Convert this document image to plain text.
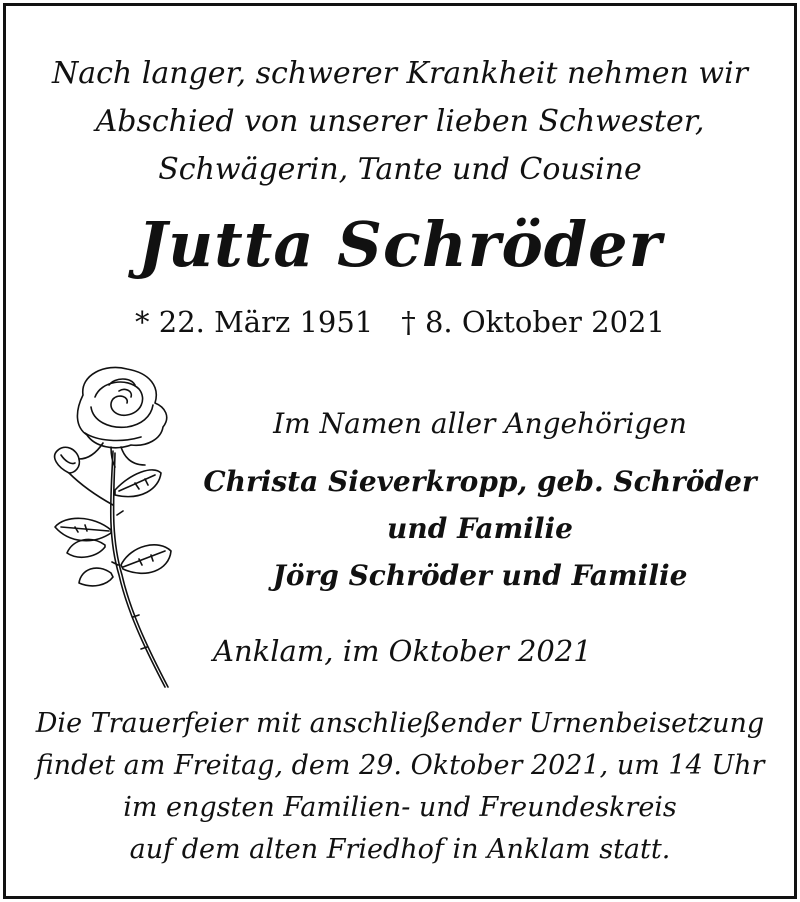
Nach langer, schwerer Krankheit nehmen wir
Abschied von unserer lieben Schwester,
Schwägerin, Tante und Cousine
Jutta Schröder
* 22. März 1951 † 8. Oktober 2021
Im Namen aller Angehörigen
Christa Sieverkropp, geb. Schröder
und Familie
Jörg Schröder und Familie
Anklam, im Oktober 2021
Die Trauerfeier mit anschließender Urnenbeisetzung
findet am Freitag, dem 29. Oktober 2021, um 14 Uhr
im engsten Familien- und Freundeskreis
auf dem alten Friedhof in Anklam statt.
